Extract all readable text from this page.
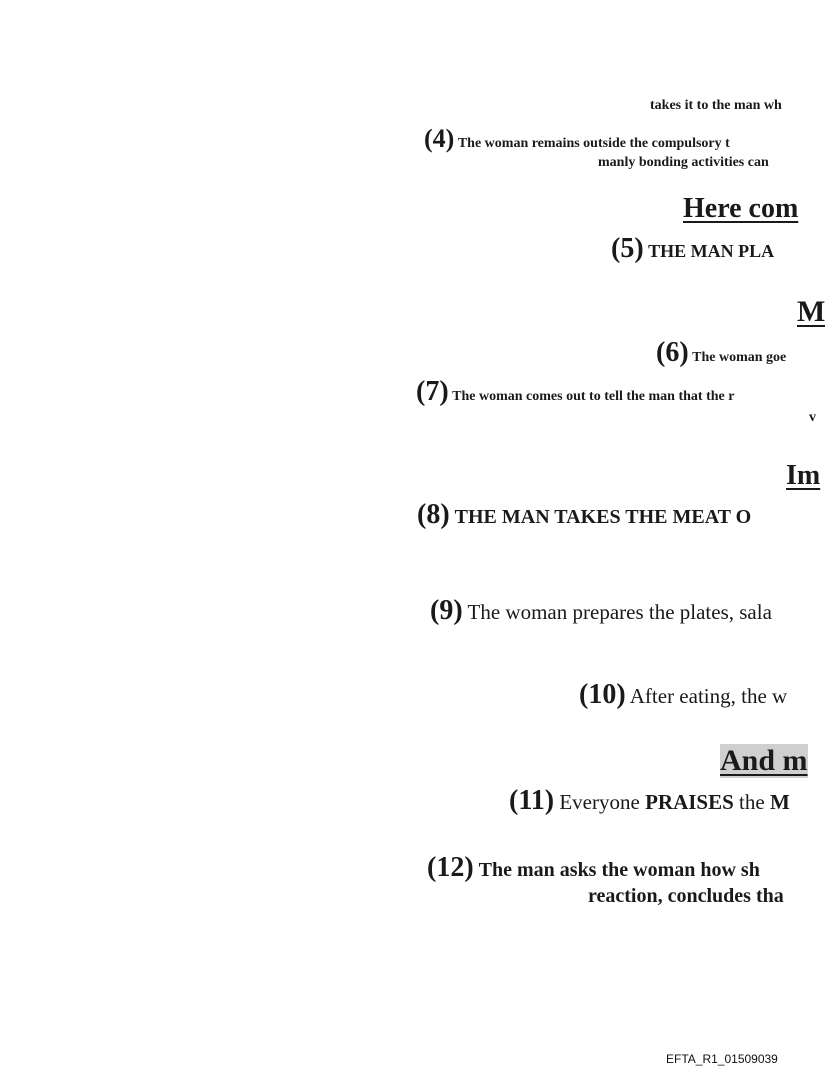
takes it to the man wh

(4) The woman remains outside the compulsory t

manly bonding activities can

Here com

(5) THE MAN PLA

M

(6) The woman goe

(7) The woman comes out to tell the man that the r

v

Im

(8) THE MAN TAKES THE MEAT O

(9) The woman prepares the plates, sala

(10) After eating, the w

And m

(11) Everyone PRAISES the M

(12) The man asks the woman how sh

reaction, concludes tha

EFTA_R1_01509039
